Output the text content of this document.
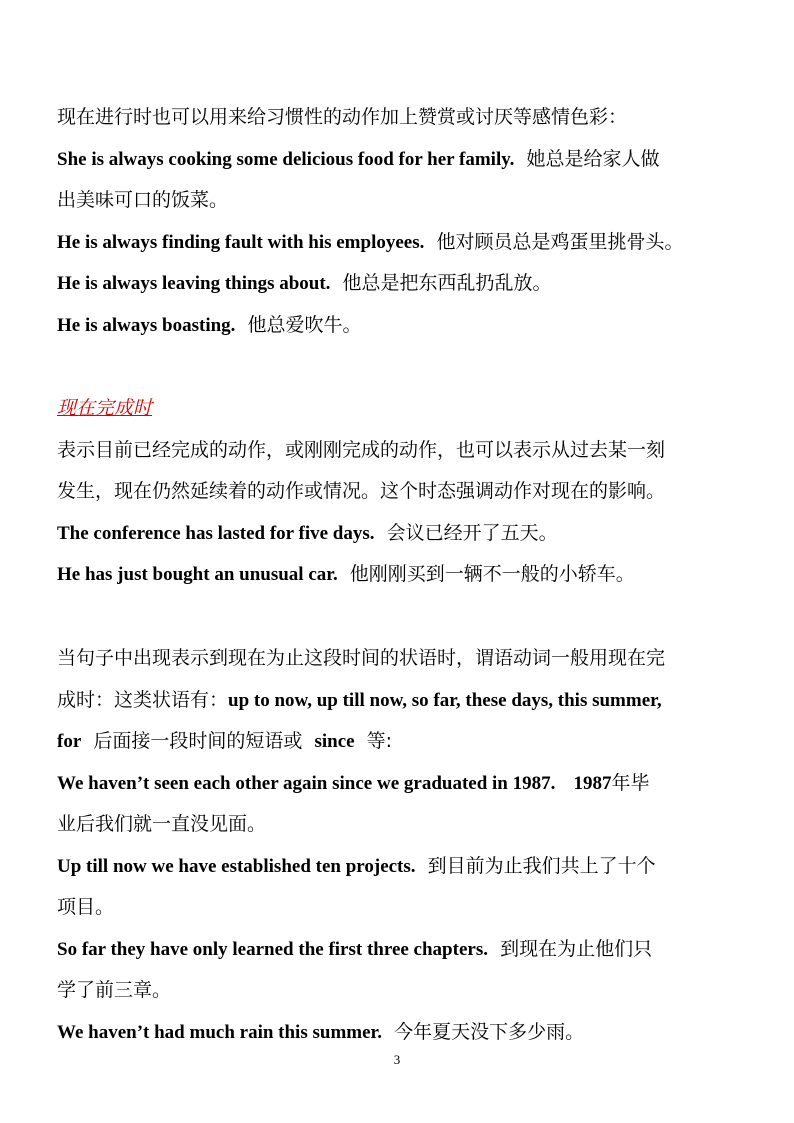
现在进行时也可以用来给习惯性的动作加上赞赏或讨厌等感情色彩：
She is always cooking some delicious food for her family. 她总是给家人做
出美味可口的饭菜。
He is always finding fault with his employees. 他对顾员总是鸡蛋里挑骨头。
He is always leaving things about. 他总是把东西乱扔乱放。
He is always boasting. 他总爱吹牛。
现在完成时
表示目前已经完成的动作，或刚刚完成的动作，也可以表示从过去某一刻
发生，现在仍然延续着的动作或情况。这个时态强调动作对现在的影响。
The conference has lasted for five days. 会议已经开了五天。
He has just bought an unusual car. 他刚刚买到一辆不一般的小轿车。
当句子中出现表示到现在为止这段时间的状语时，谓语动词一般用现在完
成时：这类状语有：up to now, up till now, so far, these days, this summer,
for 后面接一段时间的短语或 since 等:
We haven’t seen each other again since we graduated in 1987. 1987年毕
业后我们就一直没见面。
Up till now we have established ten projects. 到目前为止我们共上了十个
项目。
So far they have only learned the first three chapters. 到现在为止他们只
学了前三章。
We haven’t had much rain this summer. 今年夏天没下多少雨。
3
